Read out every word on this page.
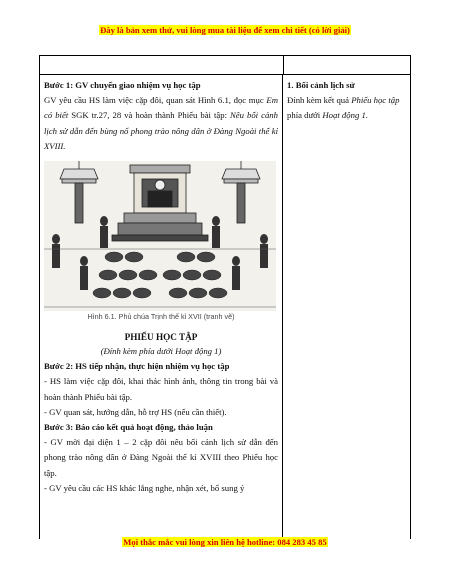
Đây là bản xem thử, vui lòng mua tài liệu để xem chi tiết (có lời giải)
Bước 1: GV chuyển giao nhiệm vụ học tập
GV yêu cầu HS làm việc cặp đôi, quan sát Hình 6.1, đọc mục Em có biết SGK tr.27, 28 và hoàn thành Phiếu bài tập: Nêu bối cảnh lịch sử dẫn đến bùng nổ phong trào nông dân ở Đàng Ngoài thế kỉ XVIII.
Hình 6.1. Phủ chúa Trịnh thế kỉ XVII (tranh vẽ)
PHIẾU HỌC TẬP
(Đính kèm phía dưới Hoạt động 1)
Bước 2: HS tiếp nhận, thực hiện nhiệm vụ học tập
- HS làm việc cặp đôi, khai thác hình ảnh, thông tin trong bài và hoàn thành Phiếu bài tập.
- GV quan sát, hướng dẫn, hỗ trợ HS (nếu cần thiết).
Bước 3: Báo cáo kết quả hoạt động, thảo luận
- GV mời đại diện 1 – 2 cặp đôi nêu bối cảnh lịch sử dẫn đến phong trào nông dân ở Đàng Ngoài thế kỉ XVIII theo Phiếu học tập.
- GV yêu cầu các HS khác lắng nghe, nhận xét, bổ sung ý
1. Bối cảnh lịch sử
Đính kèm kết quả Phiếu học tập phía dưới Hoạt động 1.
Mọi thắc mắc vui lòng xin liên hệ hotline: 084 283 45 85
